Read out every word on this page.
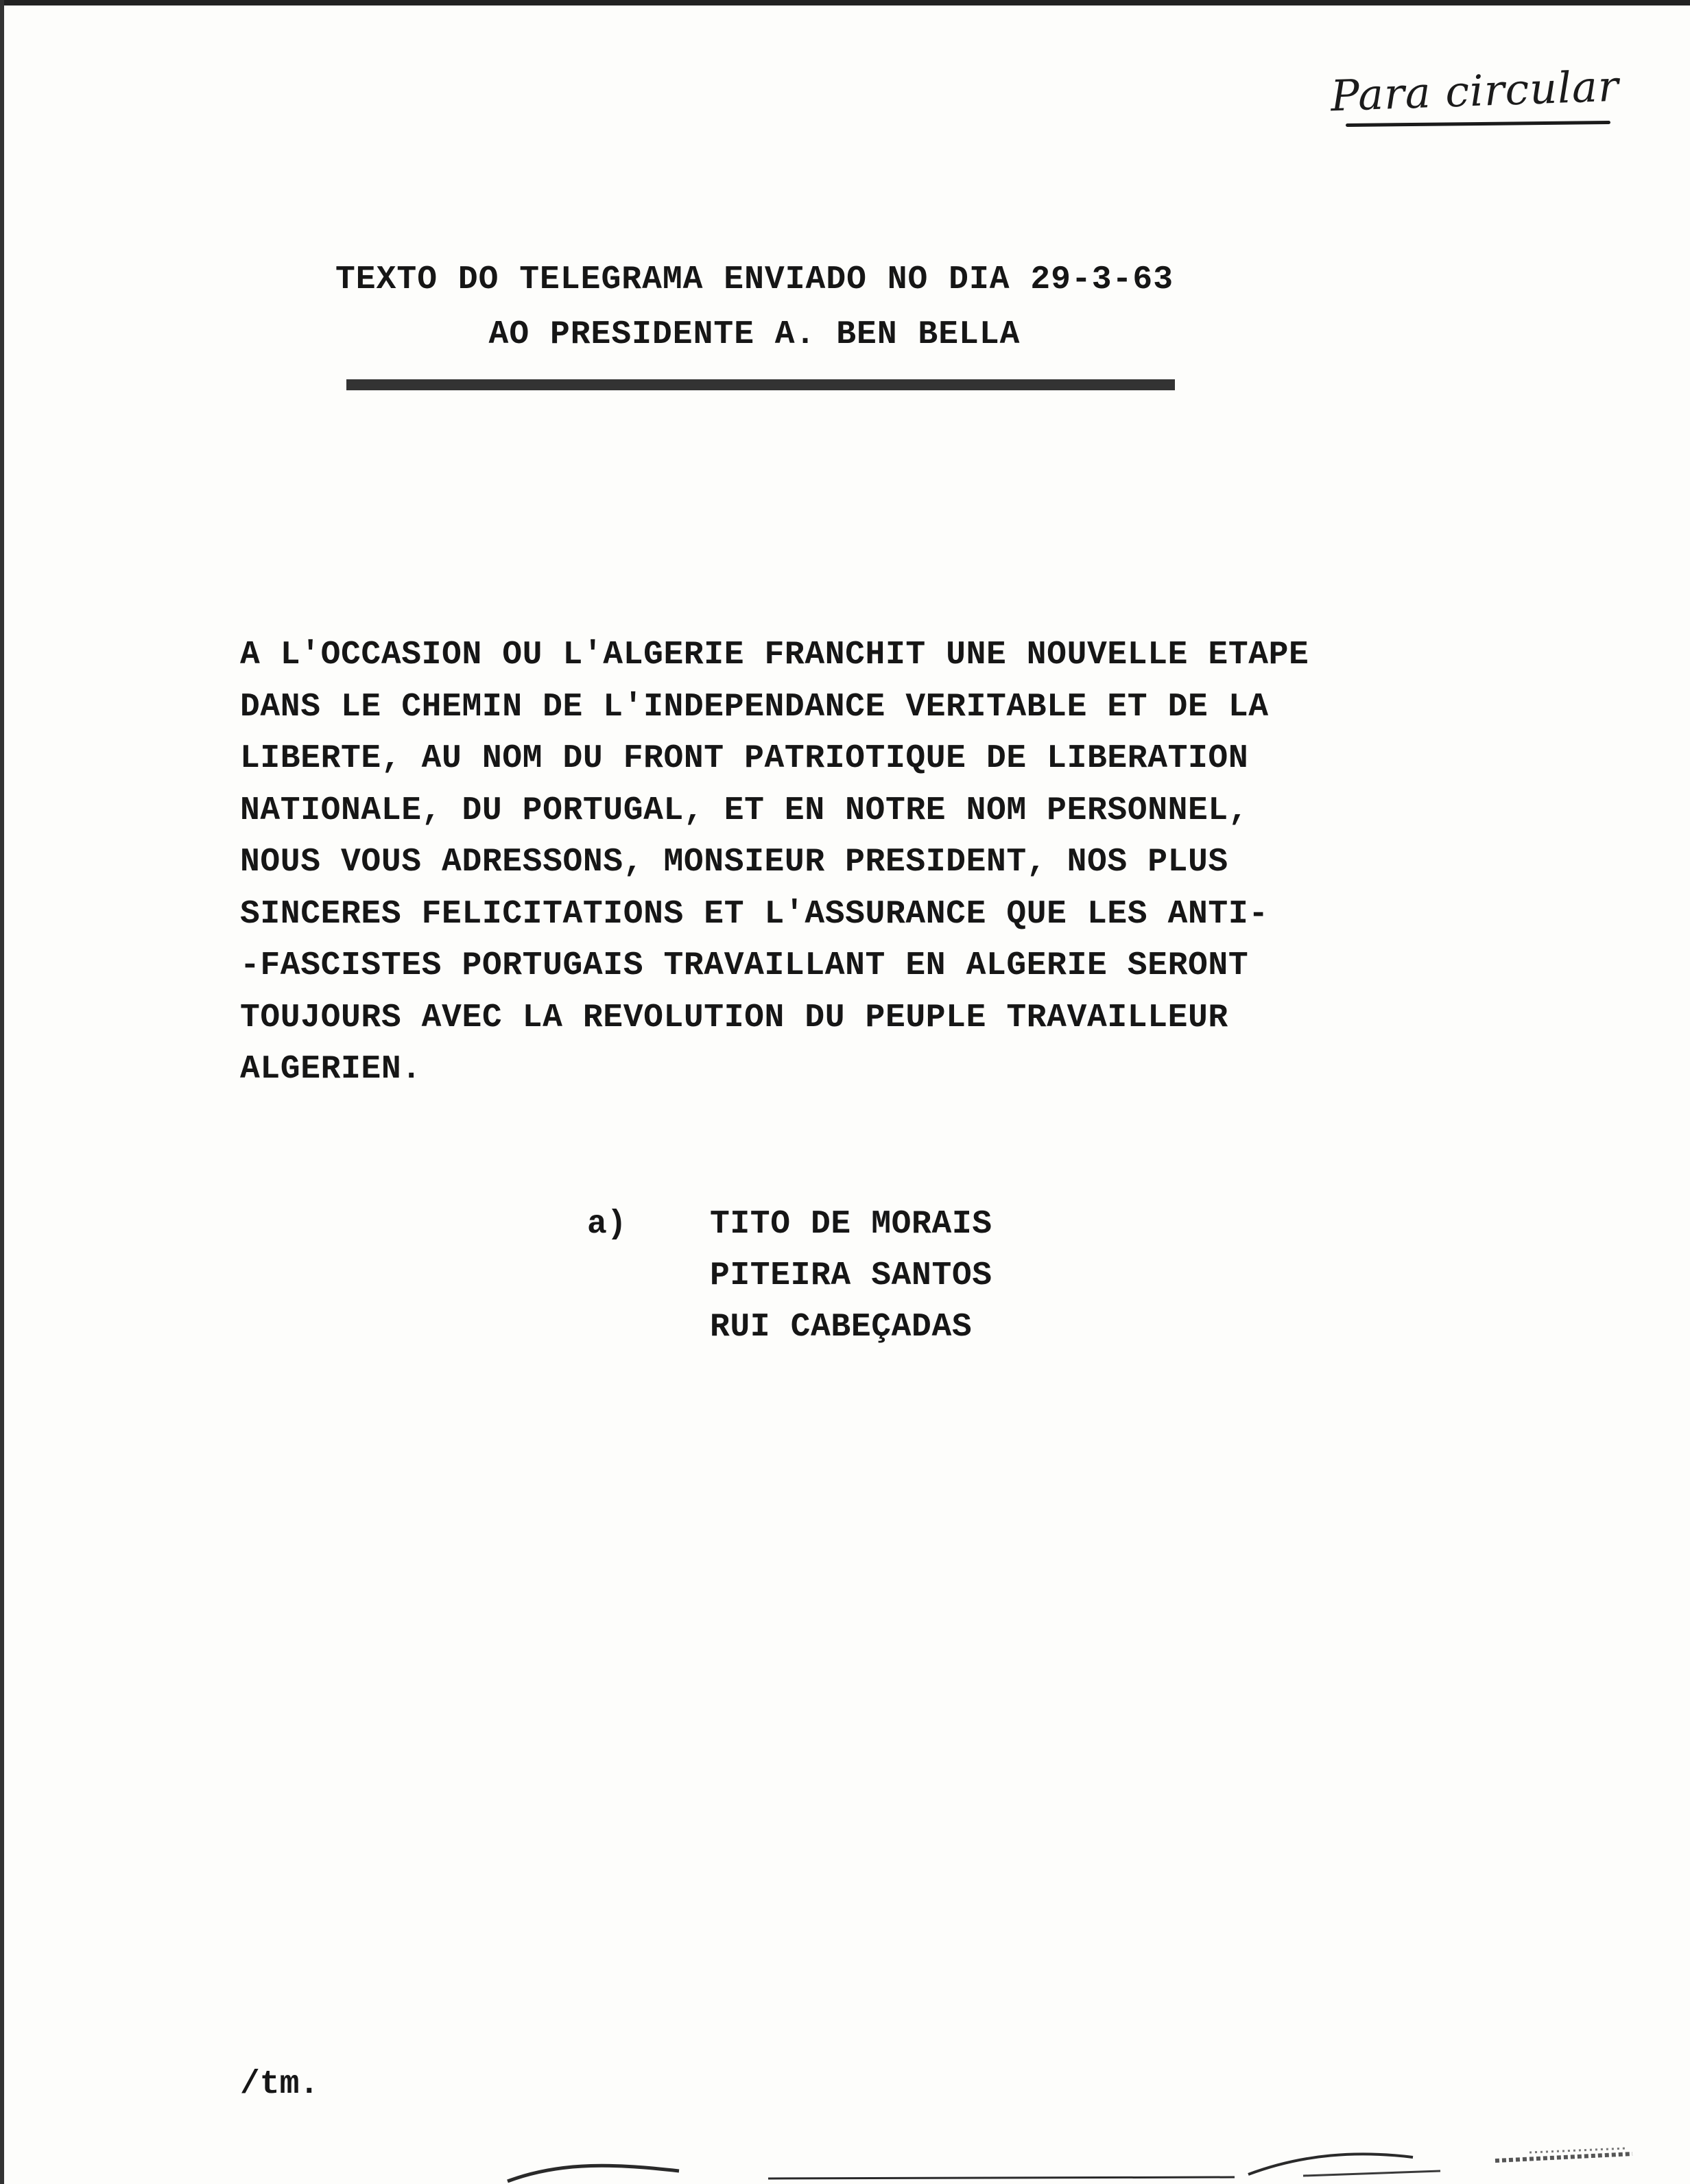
Para circular
TEXTO DO TELEGRAMA ENVIADO NO DIA 29-3-63
AO PRESIDENTE A. BEN BELLA
A L'OCCASION OU L'ALGERIE FRANCHIT UNE NOUVELLE ETAPE
DANS LE CHEMIN DE L'INDEPENDANCE VERITABLE ET DE LA
LIBERTE, AU NOM DU FRONT PATRIOTIQUE DE LIBERATION
NATIONALE, DU PORTUGAL, ET EN NOTRE NOM PERSONNEL,
NOUS VOUS ADRESSONS, MONSIEUR PRESIDENT, NOS PLUS
SINCERES FELICITATIONS ET L'ASSURANCE QUE LES ANTI-
-FASCISTES PORTUGAIS TRAVAILLANT EN ALGERIE SERONT
TOUJOURS AVEC LA REVOLUTION DU PEUPLE TRAVAILLEUR
ALGERIEN.
a)	TITO DE MORAIS
PITEIRA SANTOS
RUI CABEÇADAS
/tm.
